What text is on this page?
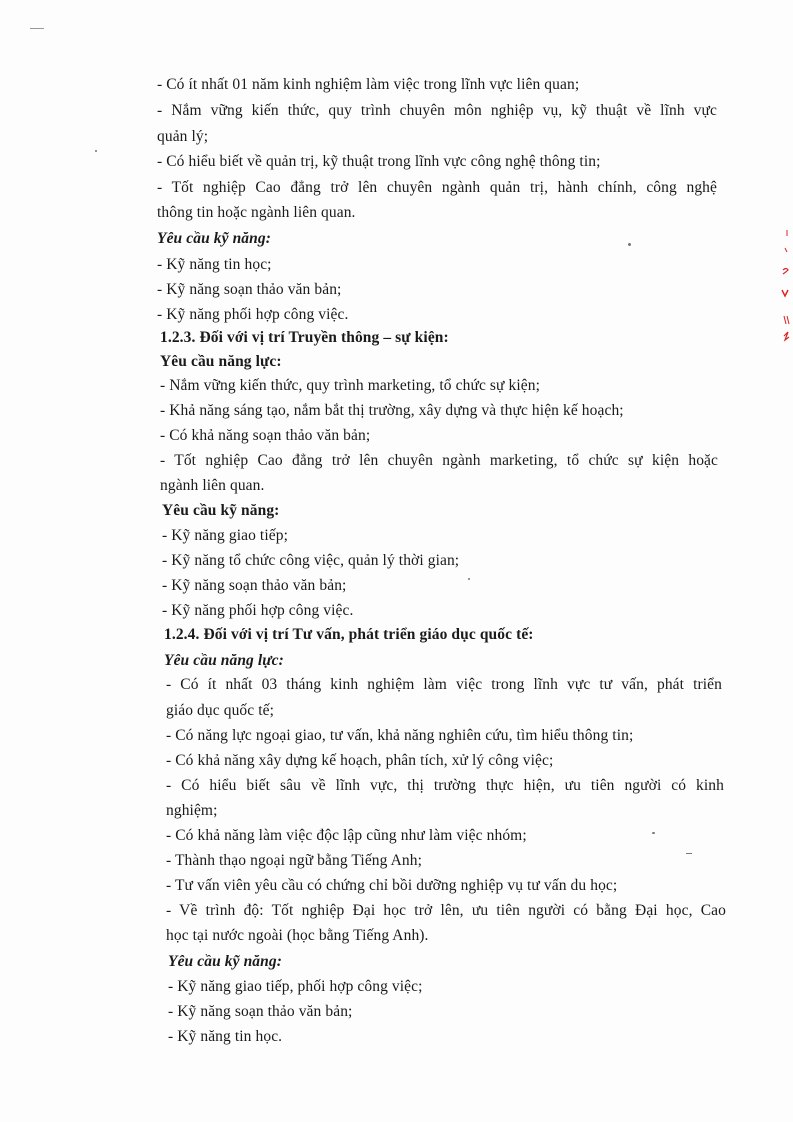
- Có ít nhất 01 năm kinh nghiệm làm việc trong lĩnh vực liên quan;
- Nắm vững kiến thức, quy trình chuyên môn nghiệp vụ, kỹ thuật về lĩnh vực
quản lý;
- Có hiểu biết về quản trị, kỹ thuật trong lĩnh vực công nghệ thông tin;
- Tốt nghiệp Cao đẳng trở lên chuyên ngành quản trị, hành chính, công nghệ
thông tin hoặc ngành liên quan.
Yêu cầu kỹ năng:
- Kỹ năng tin học;
- Kỹ năng soạn thảo văn bản;
- Kỹ năng phối hợp công việc.
1.2.3. Đối với vị trí Truyền thông – sự kiện:
Yêu cầu năng lực:
- Nắm vững kiến thức, quy trình marketing, tổ chức sự kiện;
- Khả năng sáng tạo, nắm bắt thị trường, xây dựng và thực hiện kế hoạch;
- Có khả năng soạn thảo văn bản;
- Tốt nghiệp Cao đẳng trở lên chuyên ngành marketing, tổ chức sự kiện hoặc
ngành liên quan.
Yêu cầu kỹ năng:
- Kỹ năng giao tiếp;
- Kỹ năng tổ chức công việc, quản lý thời gian;
- Kỹ năng soạn thảo văn bản;
- Kỹ năng phối hợp công việc.
1.2.4. Đối với vị trí Tư vấn, phát triển giáo dục quốc tế:
Yêu cầu năng lực:
- Có ít nhất 03 tháng kinh nghiệm làm việc trong lĩnh vực tư vấn, phát triển
giáo dục quốc tế;
- Có năng lực ngoại giao, tư vấn, khả năng nghiên cứu, tìm hiểu thông tin;
- Có khả năng xây dựng kế hoạch, phân tích, xử lý công việc;
- Có hiểu biết sâu về lĩnh vực, thị trường thực hiện, ưu tiên người có kinh
nghiệm;
- Có khả năng làm việc độc lập cũng như làm việc nhóm;
- Thành thạo ngoại ngữ bằng Tiếng Anh;
- Tư vấn viên yêu cầu có chứng chỉ bồi dưỡng nghiệp vụ tư vấn du học;
- Về trình độ: Tốt nghiệp Đại học trở lên, ưu tiên người có bằng Đại học, Cao
học tại nước ngoài (học bằng Tiếng Anh).
Yêu cầu kỹ năng:
- Kỹ năng giao tiếp, phối hợp công việc;
- Kỹ năng soạn thảo văn bản;
- Kỹ năng tin học.
